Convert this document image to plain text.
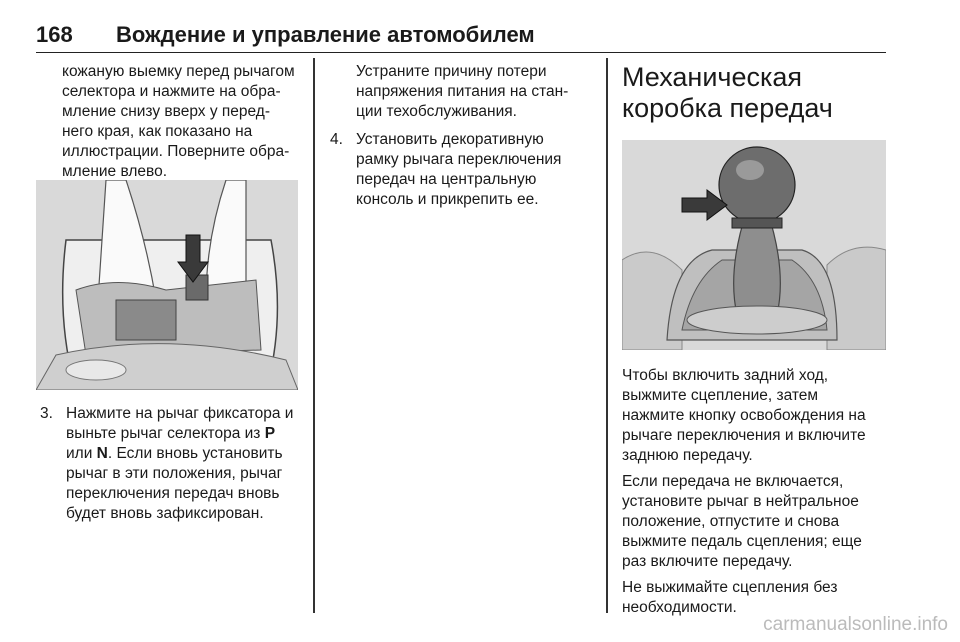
168 Вождение и управление автомобилем
кожаную выемку перед рычагом
селектора и нажмите на обра-
мление снизу вверх у перед-
него края, как показано на
иллюстрации. Поверните обра-
мление влево.
3. Нажмите на рычаг фиксатора и
выньте рычаг селектора из P
или N. Если вновь установить
рычаг в эти положения, рычаг
переключения передач вновь
будет вновь зафиксирован.
Устраните причину потери
напряжения питания на стан-
ции техобслуживания.
4. Установить декоративную
рамку рычага переключения
передач на центральную
консоль и прикрепить ее.
Механическая
коробка передач

Чтобы включить задний ход,
выжмите сцепление, затем
нажмите кнопку освобождения на
рычаге переключения и включите
заднюю передачу.

Если передача не включается,
установите рычаг в нейтральное
положение, отпустите и снова
выжмите педаль сцепления; еще
раз включите передачу.

Не выжимайте сцепления без
необходимости.

carmanualsonline.info
